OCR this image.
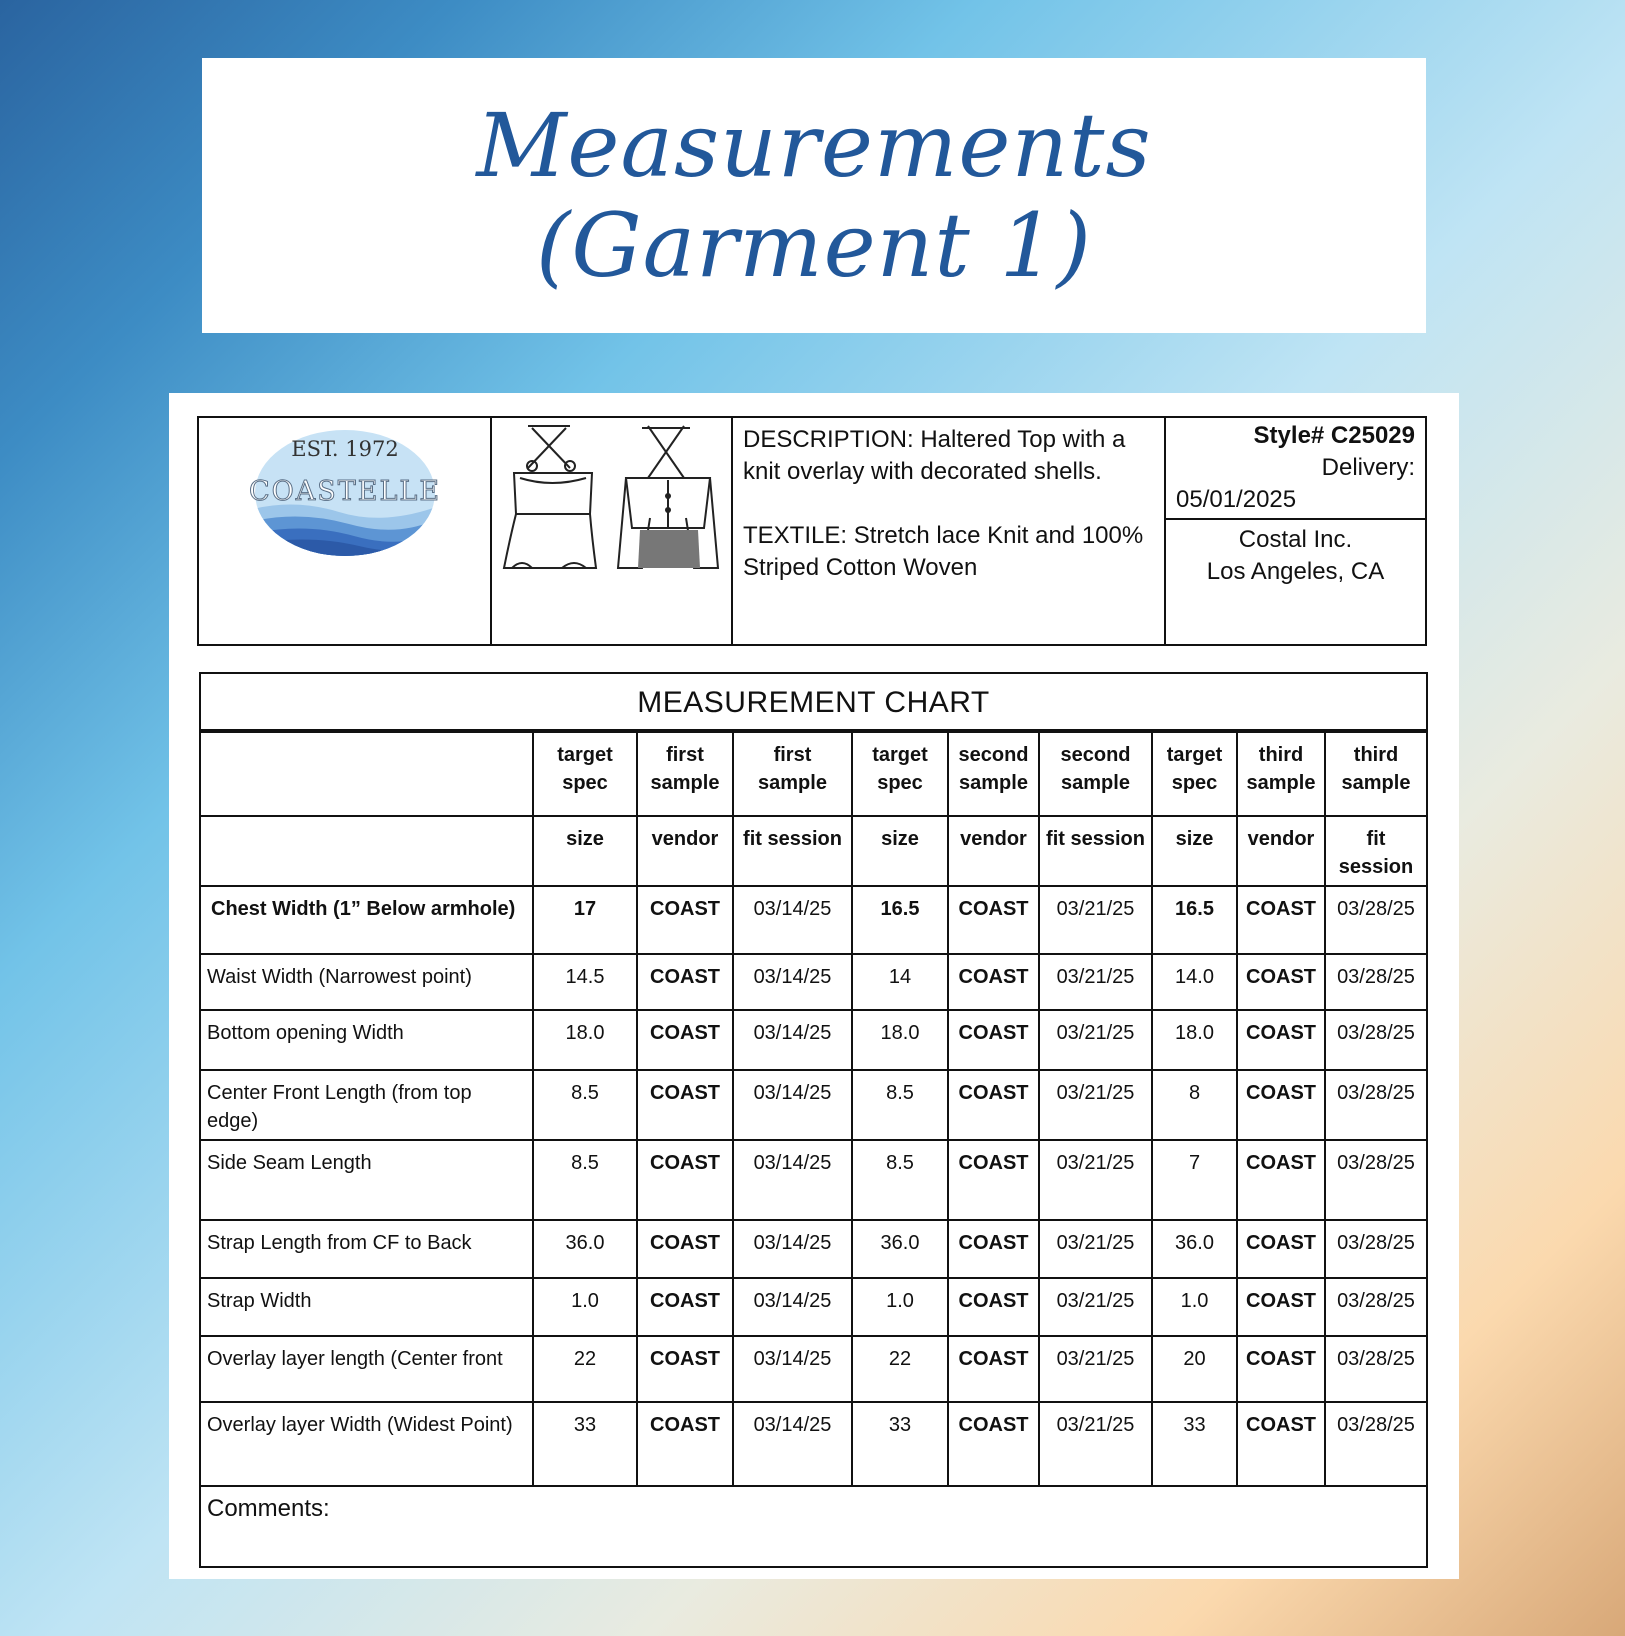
Measurements
(Garment 1)
EST. 1972
COASTELLE

DESCRIPTION: Haltered Top with a knit overlay with decorated shells.

TEXTILE: Stretch lace Knit and 100% Striped Cotton Woven

Style# C25029
Delivery:
05/01/2025
Costal Inc.
Los Angeles, CA
MEASUREMENT CHART
	target spec	first sample	first sample	target spec	second sample	second sample	target spec	third sample	third sample
	size	vendor	fit session	size	vendor	fit session	size	vendor	fit session
Chest Width (1” Below armhole)	17	COAST	03/14/25	16.5	COAST	03/21/25	16.5	COAST	03/28/25
Waist Width (Narrowest point)	14.5	COAST	03/14/25	14	COAST	03/21/25	14.0	COAST	03/28/25
Bottom opening Width	18.0	COAST	03/14/25	18.0	COAST	03/21/25	18.0	COAST	03/28/25
Center Front Length (from top edge)	8.5	COAST	03/14/25	8.5	COAST	03/21/25	8	COAST	03/28/25
Side Seam Length	8.5	COAST	03/14/25	8.5	COAST	03/21/25	7	COAST	03/28/25
Strap Length from CF to Back	36.0	COAST	03/14/25	36.0	COAST	03/21/25	36.0	COAST	03/28/25
Strap Width	1.0	COAST	03/14/25	1.0	COAST	03/21/25	1.0	COAST	03/28/25
Overlay layer length (Center front	22	COAST	03/14/25	22	COAST	03/21/25	20	COAST	03/28/25
Overlay layer Width (Widest Point)	33	COAST	03/14/25	33	COAST	03/21/25	33	COAST	03/28/25
Comments:
